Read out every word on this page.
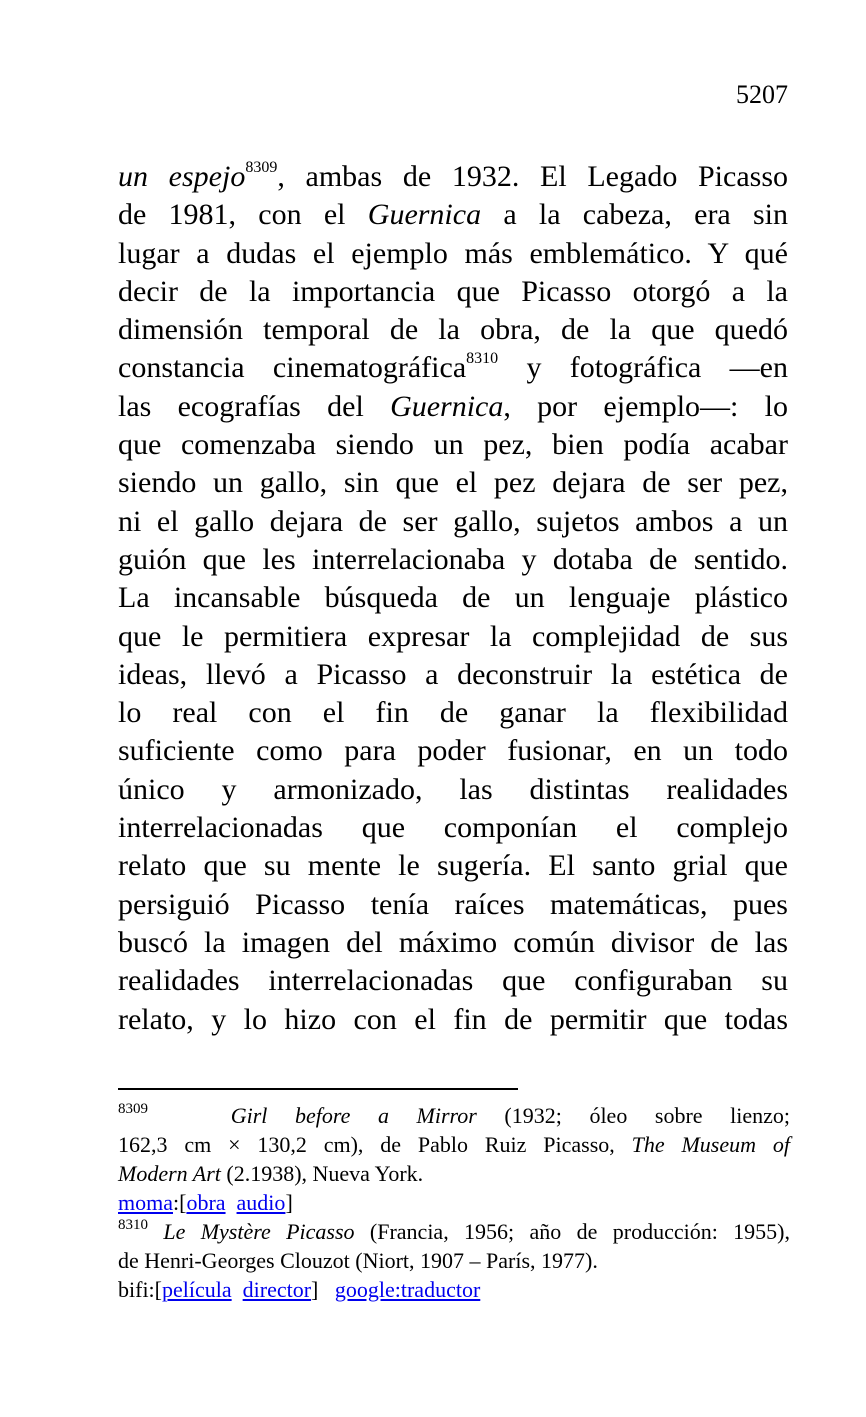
5207
un espejo$^{8309}$, ambas de 1932. El Legado Picasso
de 1981, con el Guernica a la cabeza, era sin
lugar a dudas el ejemplo más emblemático. Y qué
decir de la importancia que Picasso otorgó a la
dimensión temporal de la obra, de la que quedó
constancia cinematográfica$^{8310}$ y fotográfica —en
las ecografías del Guernica, por ejemplo—: lo
que comenzaba siendo un pez, bien podía acabar
siendo un gallo, sin que el pez dejara de ser pez,
ni el gallo dejara de ser gallo, sujetos ambos a un
guión que les interrelacionaba y dotaba de sentido.
La incansable búsqueda de un lenguaje plástico
que le permitiera expresar la complejidad de sus
ideas, llevó a Picasso a deconstruir la estética de
lo real con el fin de ganar la flexibilidad
suficiente como para poder fusionar, en un todo
único y armonizado, las distintas realidades
interrelacionadas que componían el complejo
relato que su mente le sugería. El santo grial que
persiguió Picasso tenía raíces matemáticas, pues
buscó la imagen del máximo común divisor de las
realidades interrelacionadas que configuraban su
relato, y lo hizo con el fin de permitir que todas

$^{8309}$	Girl before a Mirror (1932; óleo sobre lienzo;

162,3 cm × 130,2 cm), de Pablo Ruiz Picasso, The Museum of

Modern Art (2.1938), Nueva York.

moma:[obra audio]

$^{8310}$ Le Mystère Picasso (Francia, 1956; año de producción: 1955),

de Henri-Georges Clouzot (Niort, 1907 – París, 1977).

bifi:[película director] google:traductor
